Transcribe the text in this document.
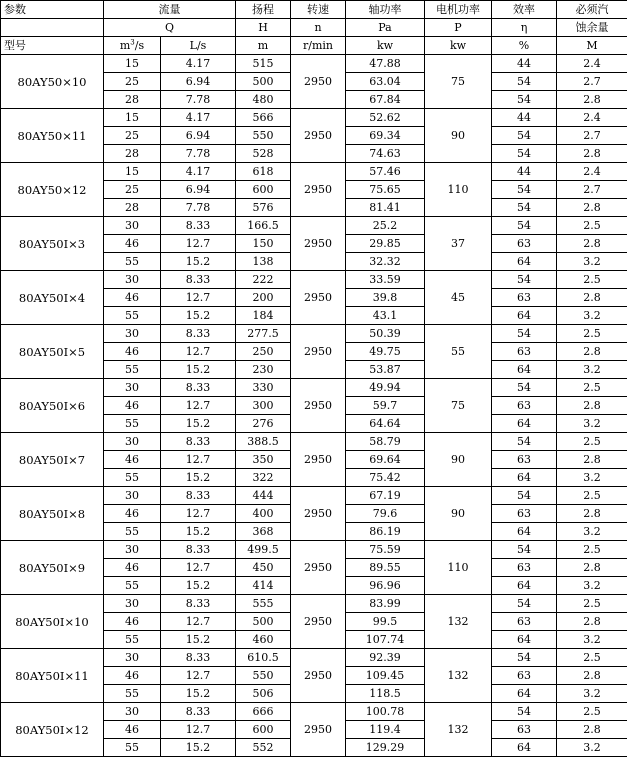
参数	流量		扬程	转速	轴功率	电机功率	效率	必须汽
	Q		H	n	Pa	P	η	蚀余量
型号	$m^3/s$	L/s	m	r/min	kw	kw	%	M
80AY50×10	15	4.17	515	2950	47.88	75	44	2.4
	25	6.94	500		63.04		54	2.7
	28	7.78	480		67.84		54	2.8
80AY50×11	15	4.17	566	2950	52.62	90	44	2.4
	25	6.94	550		69.34		54	2.7
	28	7.78	528		74.63		54	2.8
80AY50×12	15	4.17	618	2950	57.46	110	44	2.4
	25	6.94	600		75.65		54	2.7
	28	7.78	576		81.41		54	2.8
80AY50Ⅰ×3	30	8.33	166.5	2950	25.2	37	54	2.5
	46	12.7	150		29.85		63	2.8
	55	15.2	138		32.32		64	3.2
80AY50Ⅰ×4	30	8.33	222	2950	33.59	45	54	2.5
	46	12.7	200		39.8		63	2.8
	55	15.2	184		43.1		64	3.2
80AY50Ⅰ×5	30	8.33	277.5	2950	50.39	55	54	2.5
	46	12.7	250		49.75		63	2.8
	55	15.2	230		53.87		64	3.2
80AY50Ⅰ×6	30	8.33	330	2950	49.94	75	54	2.5
	46	12.7	300		59.7		63	2.8
	55	15.2	276		64.64		64	3.2
80AY50Ⅰ×7	30	8.33	388.5	2950	58.79	90	54	2.5
	46	12.7	350		69.64		63	2.8
	55	15.2	322		75.42		64	3.2
80AY50Ⅰ×8	30	8.33	444	2950	67.19	90	54	2.5
	46	12.7	400		79.6		63	2.8
	55	15.2	368		86.19		64	3.2
80AY50Ⅰ×9	30	8.33	499.5	2950	75.59	110	54	2.5
	46	12.7	450		89.55		63	2.8
	55	15.2	414		96.96		64	3.2
80AY50Ⅰ×10	30	8.33	555	2950	83.99	132	54	2.5
	46	12.7	500		99.5		63	2.8
	55	15.2	460		107.74		64	3.2
80AY50Ⅰ×11	30	8.33	610.5	2950	92.39	132	54	2.5
	46	12.7	550		109.45		63	2.8
	55	15.2	506		118.5		64	3.2
80AY50Ⅰ×12	30	8.33	666	2950	100.78	132	54	2.5
	46	12.7	600		119.4		63	2.8
	55	15.2	552		129.29		64	3.2
